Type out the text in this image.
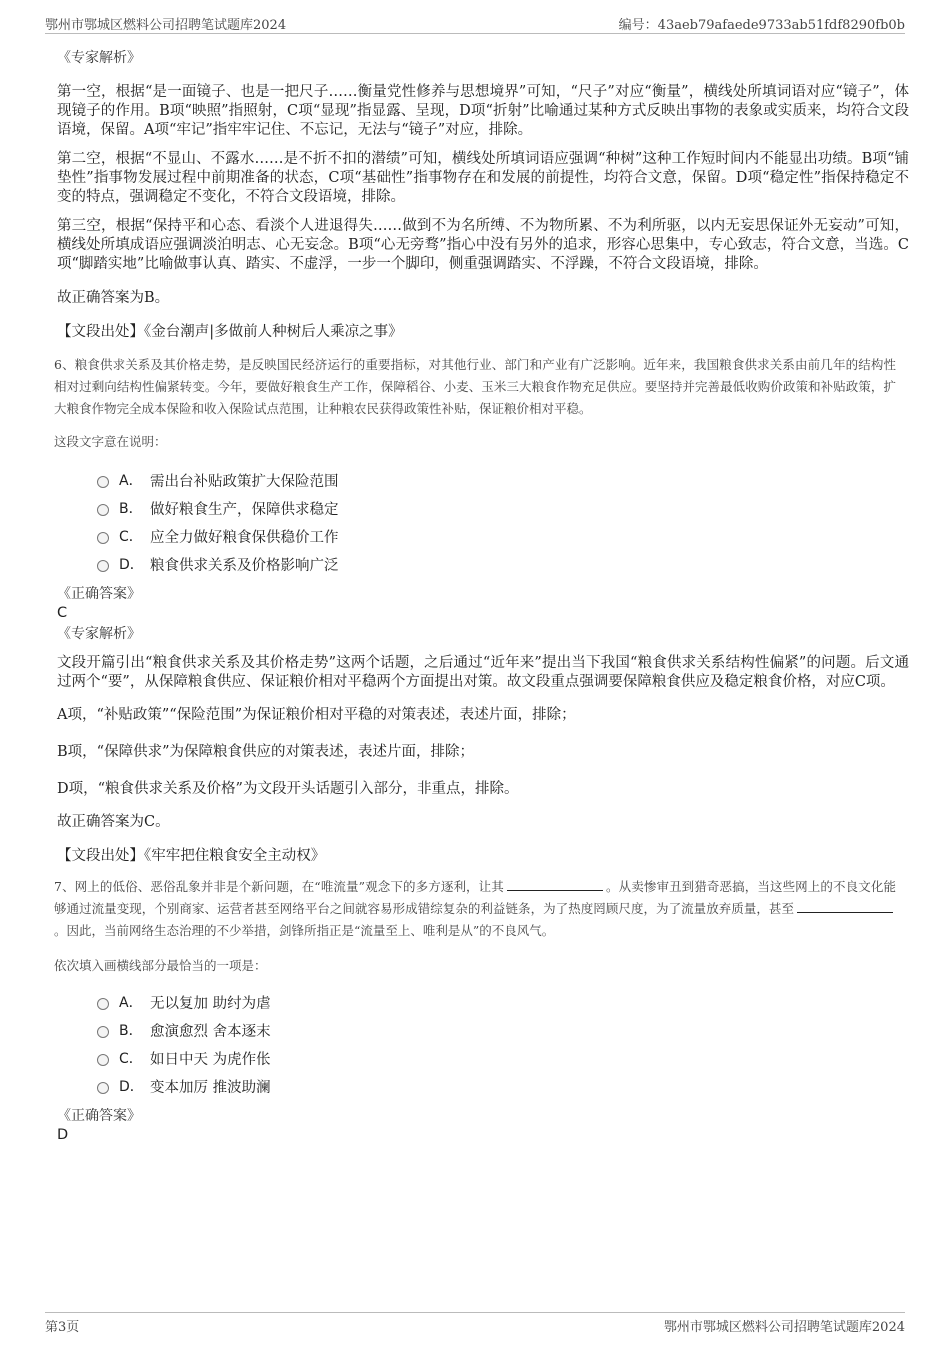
鄂州市鄂城区燃料公司招聘笔试题库2024	编号：43aeb79afaede9733ab51fdf8290fb0b
《专家解析》

第一空，根据“是一面镜子、也是一把尺子……衡量党性修养与思想境界”可知，“尺子”对应“衡量”，横线处所填词语对应“镜子”，体现镜子的作用。B项“映照”指照射，C项“显现”指显露、呈现，D项“折射”比喻通过某种方式反映出事物的表象或实质来，均符合文段语境，保留。A项“牢记”指牢牢记住、不忘记，无法与“镜子”对应，排除。

第二空，根据“不显山、不露水……是不折不扣的潜绩”可知，横线处所填词语应强调“种树”这种工作短时间内不能显出功绩。B项“铺垫性”指事物发展过程中前期准备的状态，C项“基础性”指事物存在和发展的前提性，均符合文意，保留。D项“稳定性”指保持稳定不变的特点，强调稳定不变化，不符合文段语境，排除。

第三空，根据“保持平和心态、看淡个人进退得失……做到不为名所缚、不为物所累、不为利所驱，以内无妄思保证外无妄动”可知，横线处所填成语应强调淡泊明志、心无妄念。B项“心无旁骛”指心中没有另外的追求，形容心思集中，专心致志，符合文意，当选。C项“脚踏实地”比喻做事认真、踏实、不虚浮，一步一个脚印，侧重强调踏实、不浮躁，不符合文段语境，排除。

故正确答案为B。

【文段出处】《金台潮声|多做前人种树后人乘凉之事》

6、粮食供求关系及其价格走势，是反映国民经济运行的重要指标，对其他行业、部门和产业有广泛影响。近年来，我国粮食供求关系由前几年的结构性相对过剩向结构性偏紧转变。今年，要做好粮食生产工作，保障稻谷、小麦、玉米三大粮食作物充足供应。要坚持并完善最低收购价政策和补贴政策，扩大粮食作物完全成本保险和收入保险试点范围，让种粮农民获得政策性补贴，保证粮价相对平稳。

这段文字意在说明：

A． 需出台补贴政策扩大保险范围
B． 做好粮食生产，保障供求稳定
C． 应全力做好粮食保供稳价工作
D． 粮食供求关系及价格影响广泛
《正确答案》
C
《专家解析》

文段开篇引出“粮食供求关系及其价格走势”这两个话题，之后通过“近年来”提出当下我国“粮食供求关系结构性偏紧”的问题。后文通过两个“要”，从保障粮食供应、保证粮价相对平稳两个方面提出对策。故文段重点强调要保障粮食供应及稳定粮食价格，对应C项。

A项，“补贴政策”“保险范围”为保证粮价相对平稳的对策表述，表述片面，排除；

B项，“保障供求”为保障粮食供应的对策表述，表述片面，排除；

D项，“粮食供求关系及价格”为文段开头话题引入部分，非重点，排除。

故正确答案为C。

【文段出处】《牢牢把住粮食安全主动权》

7、网上的低俗、恶俗乱象并非是个新问题，在“唯流量”观念下的多方逐利，让其	。从卖惨审丑到猎奇恶搞，当这些网上的不良文化能够通过流量变现，个别商家、运营者甚至网络平台之间就容易形成错综复杂的利益链条，为了热度罔顾尺度，为了流量放弃质量，甚至。因此，当前网络生态治理的不少举措，剑锋所指正是“流量至上、唯利是从”的不良风气。

依次填入画横线部分最恰当的一项是：

A． 无以复加 助纣为虐
B． 愈演愈烈 舍本逐末
C． 如日中天 为虎作伥
D． 变本加厉 推波助澜
《正确答案》
D
第3页	鄂州市鄂城区燃料公司招聘笔试题库2024
